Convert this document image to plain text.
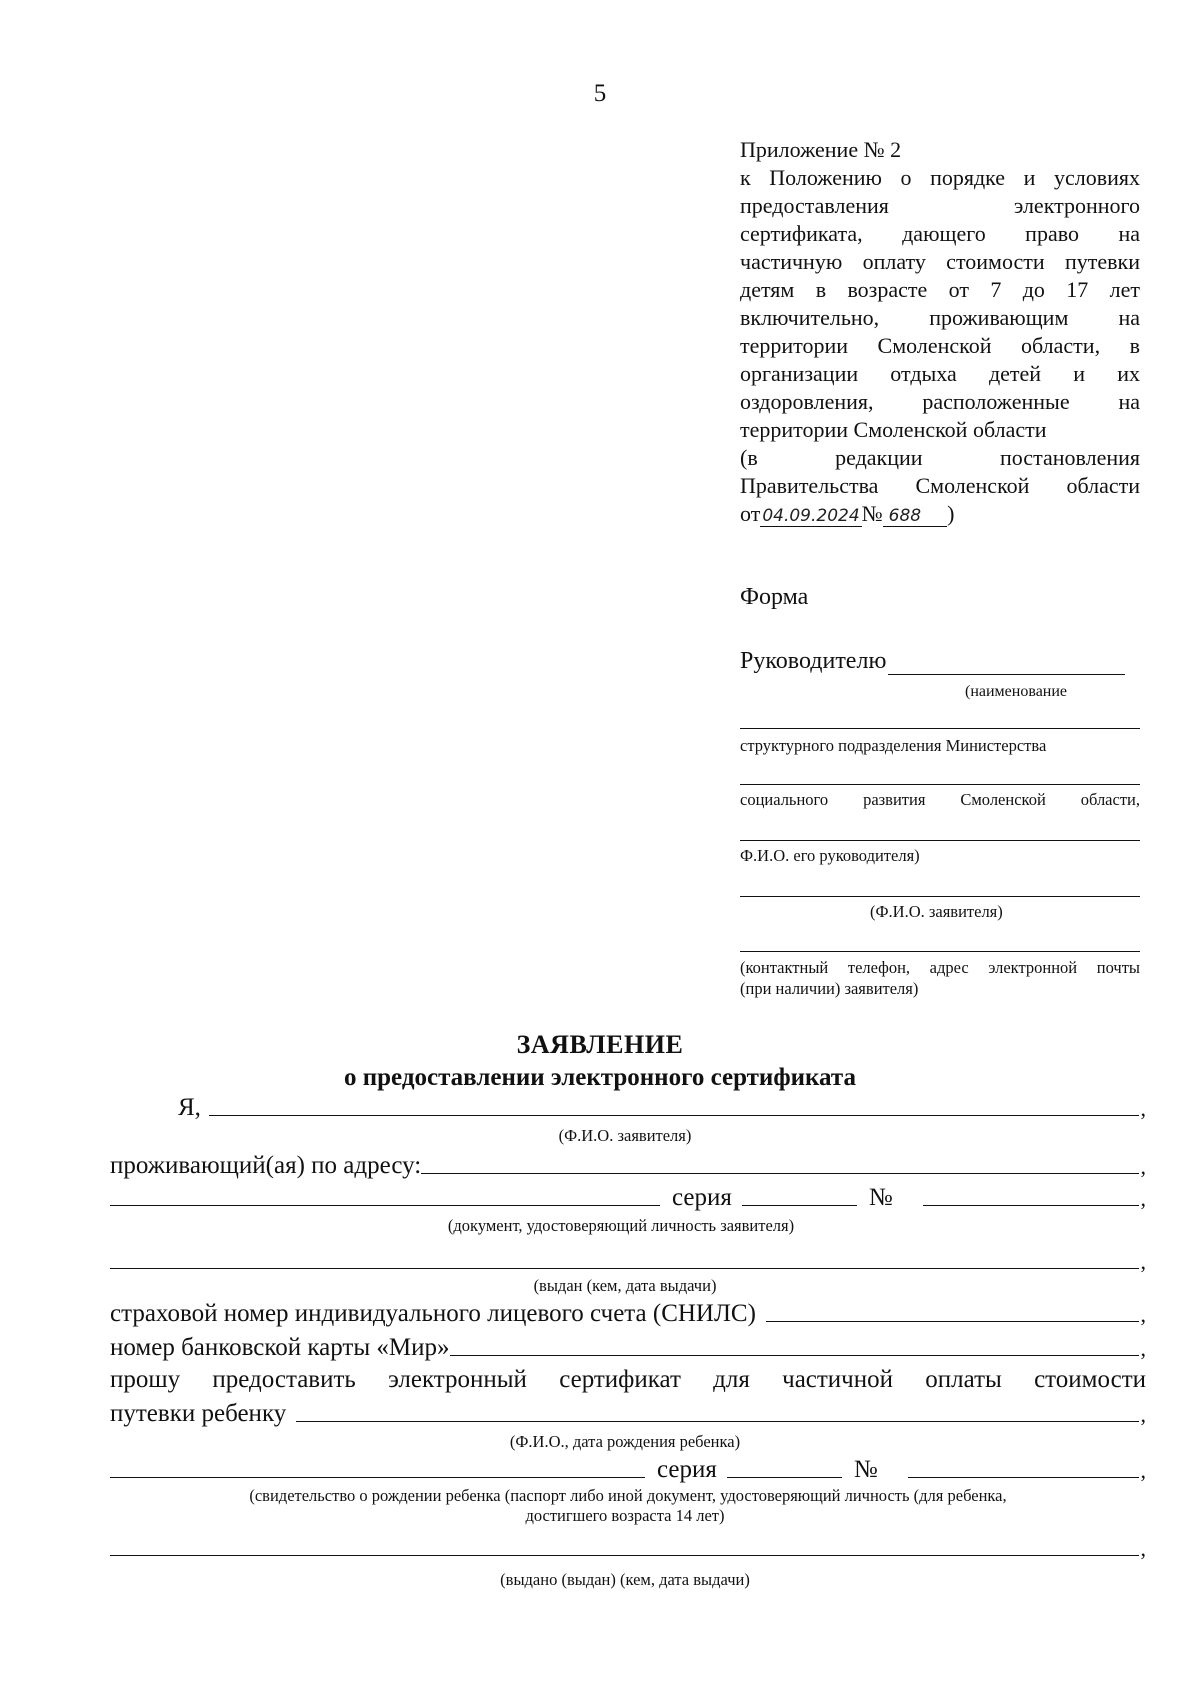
5
Приложение № 2
к Положению о порядке и условиях
предоставления электронного
сертификата, дающего право на
частичную оплату стоимости путевки
детям в возрасте от 7 до 17 лет
включительно, проживающим на
территории Смоленской области, в
организации отдыха детей и их
оздоровления, расположенные на
территории Смоленской области
(в редакции постановления
Правительства Смоленской области
от 04.09.2024 № 688	)
Форма
Руководителю
(наименование
структурного подразделения Министерства
социального развития Смоленской области,
Ф.И.О. его руководителя)
(Ф.И.О. заявителя)
(контактный телефон, адрес электронной почты
(при наличии) заявителя)
ЗАЯВЛЕНИЕ
о предоставлении электронного сертификата
Я,	,
(Ф.И.О. заявителя)
проживающий(ая) по адресу:	,
серия	№	,
(документ, удостоверяющий личность заявителя)
,
(выдан (кем, дата выдачи)
страховой номер индивидуального лицевого счета (СНИЛС)	,
номер банковской карты «Мир»	,
прошу предоставить электронный сертификат для частичной оплаты стоимости
путевки ребенку	,
(Ф.И.О., дата рождения ребенка)
серия	№	,
(свидетельство о рождении ребенка (паспорт либо иной документ, удостоверяющий личность (для ребенка,
достигшего возраста 14 лет)
,
(выдано (выдан) (кем, дата выдачи)
